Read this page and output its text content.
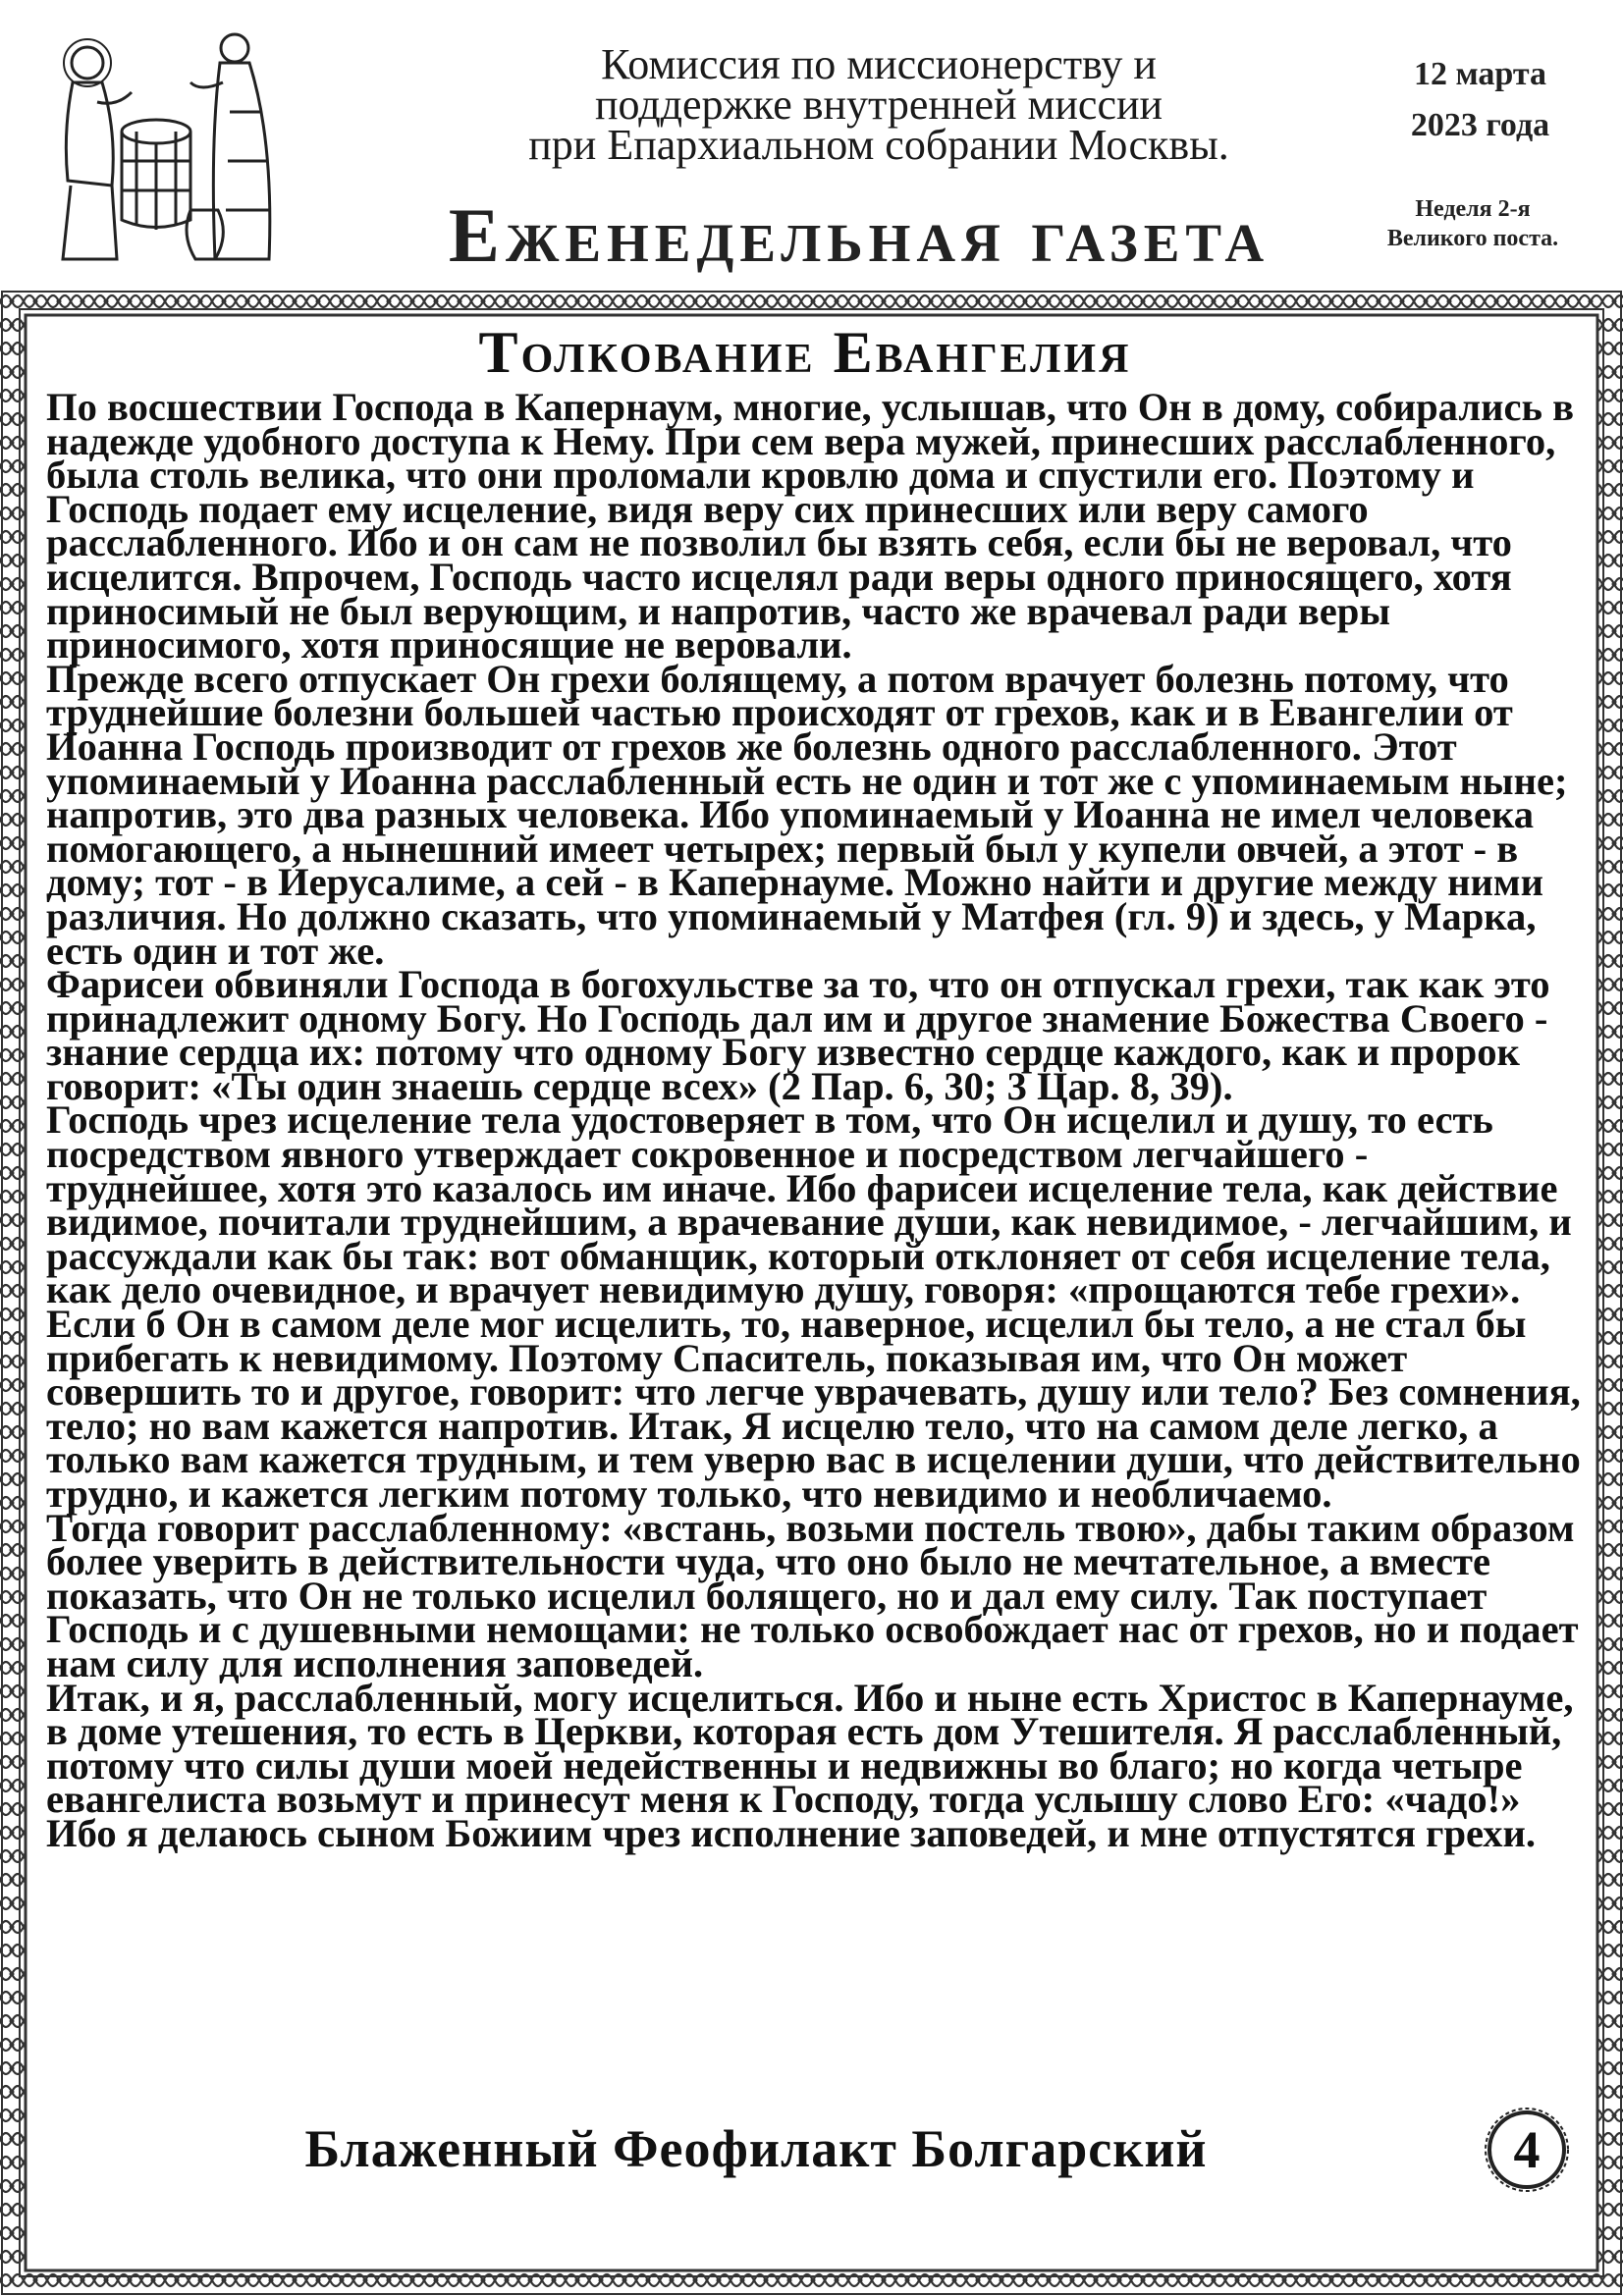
Комиссия по миссионерству и
поддержке внутренней миссии
при Епархиальном собрании Москвы.
Еженедельная газета
12 марта
2023 года
Неделя 2-я
Великого поста.
Толкование Евангелия

По восшествии Господа в Капернаум, многие, услышав, что Он в дому, собирались в надежде удобного доступа к Нему. При сем вера мужей, принесших расслабленного, была столь велика, что они проломали кровлю дома и спустили его. Поэтому и Господь подает ему исцеление, видя веру сих принесших или веру самого расслабленного. Ибо и он сам не позволил бы взять себя, если бы не веровал, что исцелится. Впрочем, Господь часто исцелял ради веры одного приносящего, хотя приносимый не был верующим, и напротив, часто же врачевал ради веры приносимого, хотя приносящие не веровали.

Прежде всего отпускает Он грехи болящему, а потом врачует болезнь потому, что труднейшие болезни большей частью происходят от грехов, как и в Евангелии от Иоанна Господь производит от грехов же болезнь одного расслабленного. Этот упоминаемый у Иоанна расслабленный есть не один и тот же с упоминаемым ныне; напротив, это два разных человека. Ибо упоминаемый у Иоанна не имел человека помогающего, а нынешний имеет четырех; первый был у купели овчей, а этот - в дому; тот - в Иерусалиме, а сей - в Капернауме. Можно найти и другие между ними различия. Но должно сказать, что упоминаемый у Матфея (гл. 9) и здесь, у Марка, есть один и тот же.

Фарисеи обвиняли Господа в богохульстве за то, что он отпускал грехи, так как это принадлежит одному Богу. Но Господь дал им и другое знамение Божества Своего - знание сердца их: потому что одному Богу известно сердце каждого, как и пророк говорит: «Ты один знаешь сердце всех» (2 Пар. 6, 30; 3 Цар. 8, 39).

Господь чрез исцеление тела удостоверяет в том, что Он исцелил и душу, то есть посредством явного утверждает сокровенное и посредством легчайшего - труднейшее, хотя это казалось им иначе. Ибо фарисеи исцеление тела, как действие видимое, почитали труднейшим, а врачевание души, как невидимое, - легчайшим, и рассуждали как бы так: вот обманщик, который отклоняет от себя исцеление тела, как дело очевидное, и врачует невидимую душу, говоря: «прощаются тебе грехи».

Если б Он в самом деле мог исцелить, то, наверное, исцелил бы тело, а не стал бы прибегать к невидимому. Поэтому Спаситель, показывая им, что Он может совершить то и другое, говорит: что легче уврачевать, душу или тело? Без сомнения, тело; но вам кажется напротив. Итак, Я исцелю тело, что на самом деле легко, а только вам кажется трудным, и тем уверю вас в исцелении души, что действительно трудно, и кажется легким потому только, что невидимо и необличаемо.

Тогда говорит расслабленному: «встань, возьми постель твою», дабы таким образом более уверить в действительности чуда, что оно было не мечтательное, а вместе показать, что Он не только исцелил болящего, но и дал ему силу. Так поступает Господь и с душевными немощами: не только освобождает нас от грехов, но и подает нам силу для исполнения заповедей.

Итак, и я, расслабленный, могу исцелиться. Ибо и ныне есть Христос в Капернауме, в доме утешения, то есть в Церкви, которая есть дом Утешителя. Я расслабленный, потому что силы души моей недейственны и недвижны во благо; но когда четыре евангелиста возьмут и принесут меня к Господу, тогда услышу слово Его: «чадо!» Ибо я делаюсь сыном Божиим чрез исполнение заповедей, и мне отпустятся грехи.

Блаженный Феофилакт Болгарский	4
